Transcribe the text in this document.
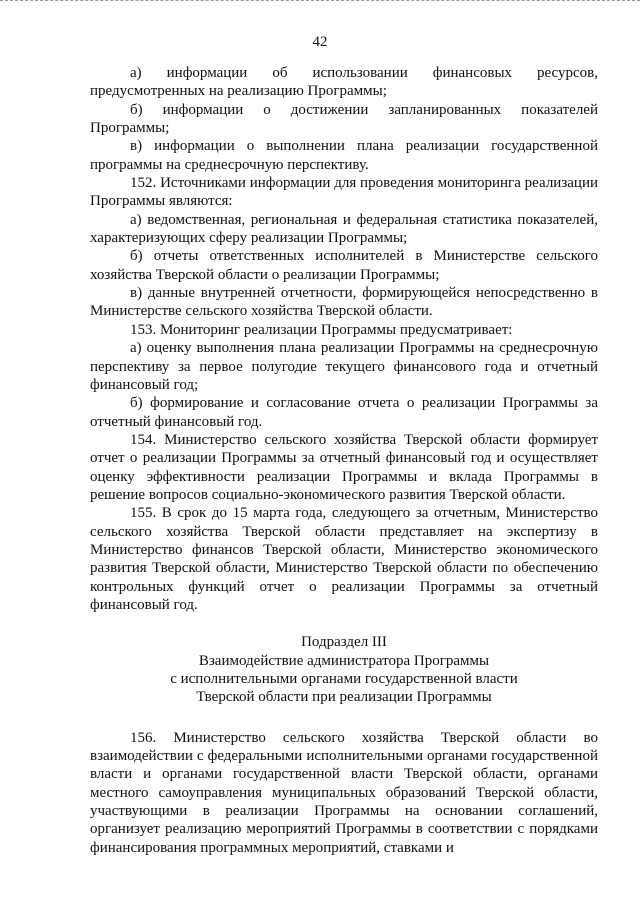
42

а) информации об использовании финансовых ресурсов, предусмотренных на реализацию Программы;

б) информации о достижении запланированных показателей Программы;

в) информации о выполнении плана реализации государственной программы на среднесрочную перспективу.

152. Источниками информации для проведения мониторинга реализации Программы являются:

а) ведомственная, региональная и федеральная статистика показателей, характеризующих сферу реализации Программы;

б) отчеты ответственных исполнителей в Министерстве сельского хозяйства Тверской области о реализации Программы;

в) данные внутренней отчетности, формирующейся непосредственно в Министерстве сельского хозяйства Тверской области.

153. Мониторинг реализации Программы предусматривает:

а) оценку выполнения плана реализации Программы на среднесрочную перспективу за первое полугодие текущего финансового года и отчетный финансовый год;

б) формирование и согласование отчета о реализации Программы за отчетный финансовый год.

154. Министерство сельского хозяйства Тверской области формирует отчет о реализации Программы за отчетный финансовый год и осуществляет оценку эффективности реализации Программы и вклада Программы в решение вопросов социально-экономического развития Тверской области.

155. В срок до 15 марта года, следующего за отчетным, Министерство сельского хозяйства Тверской области представляет на экспертизу в Министерство финансов Тверской области, Министерство экономического развития Тверской области, Министерство Тверской области по обеспечению контрольных функций отчет о реализации Программы за отчетный финансовый год.

Подраздел III
Взаимодействие администратора Программы
с исполнительными органами государственной власти
Тверской области при реализации Программы

156. Министерство сельского хозяйства Тверской области во взаимодействии с федеральными исполнительными органами государственной власти и органами государственной власти Тверской области, органами местного самоуправления муниципальных образований Тверской области, участвующими в реализации Программы на основании соглашений, организует реализацию мероприятий Программы в соответствии с порядками финансирования программных мероприятий, ставками и
